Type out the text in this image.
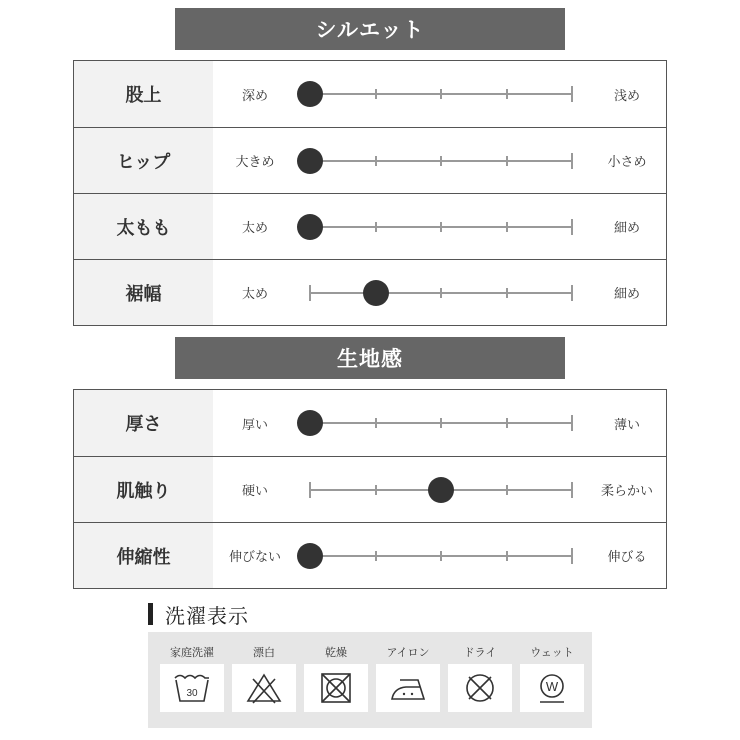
シルエット
股上	深め	浅め
ヒップ	大きめ	小さめ
太もも	太め	細め
裾幅	太め	細め
生地感
厚さ	厚い	薄い
肌触り	硬い	柔らかい
伸縮性	伸びない	伸びる
洗濯表示
家庭洗濯
30
漂白	乾燥	アイロン	ドライ	ウェット
W
